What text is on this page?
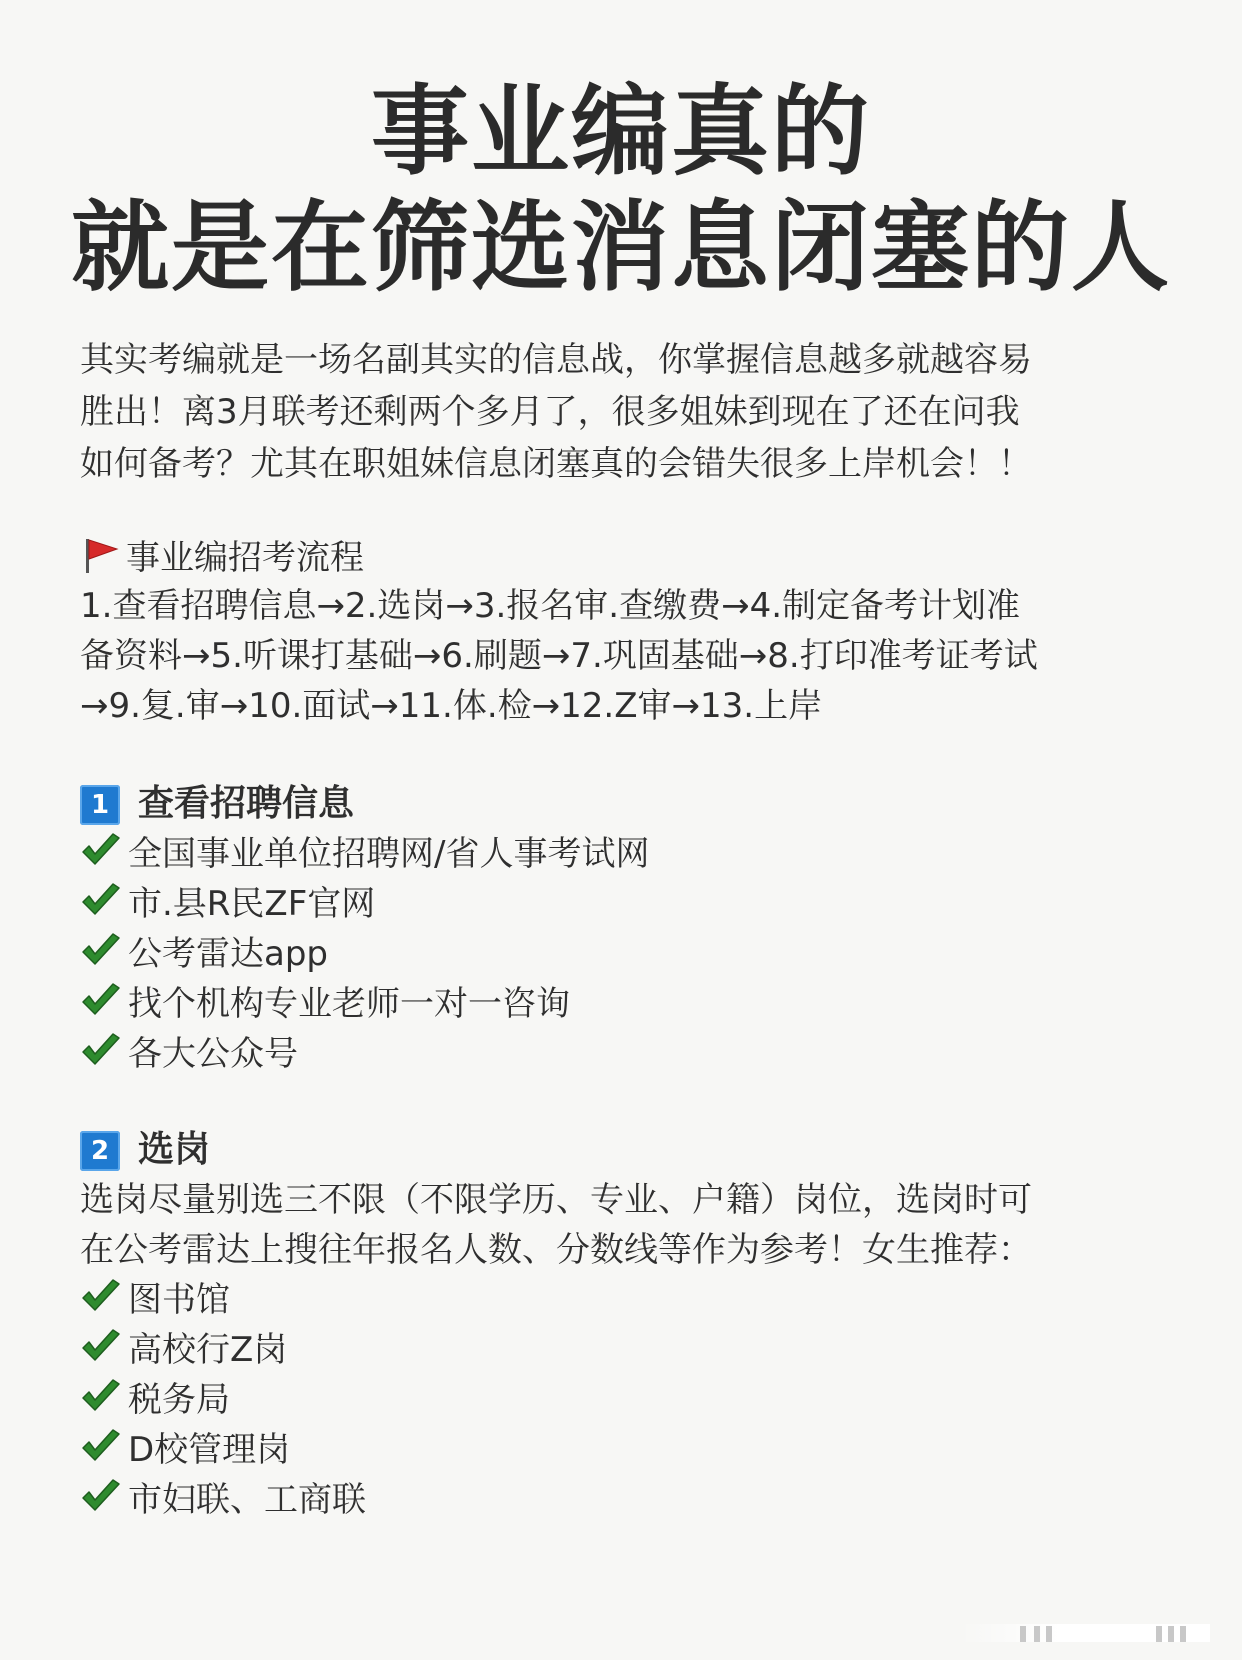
事业编真的
就是在筛选消息闭塞的人
其实考编就是一场名副其实的信息战，你掌握信息越多就越容易
胜出！离3月联考还剩两个多月了，很多姐妹到现在了还在问我
如何备考？尤其在职姐妹信息闭塞真的会错失很多上岸机会！！
事业编招考流程
1.查看招聘信息→2.选岗→3.报名审.查缴费→4.制定备考计划准
备资料→5.听课打基础→6.刷题→7.巩固基础→8.打印准考证考试
→9.复.审→10.面试→11.体.检→12.Z审→13.上岸
1 查看招聘信息
全国事业单位招聘网/省人事考试网
市.县R民ZF官网
公考雷达app
找个机构专业老师一对一咨询
各大公众号
2 选岗
选岗尽量别选三不限（不限学历、专业、户籍）岗位，选岗时可
在公考雷达上搜往年报名人数、分数线等作为参考！女生推荐：
图书馆
高校行Z岗
税务局
D校管理岗
市妇联、工商联
